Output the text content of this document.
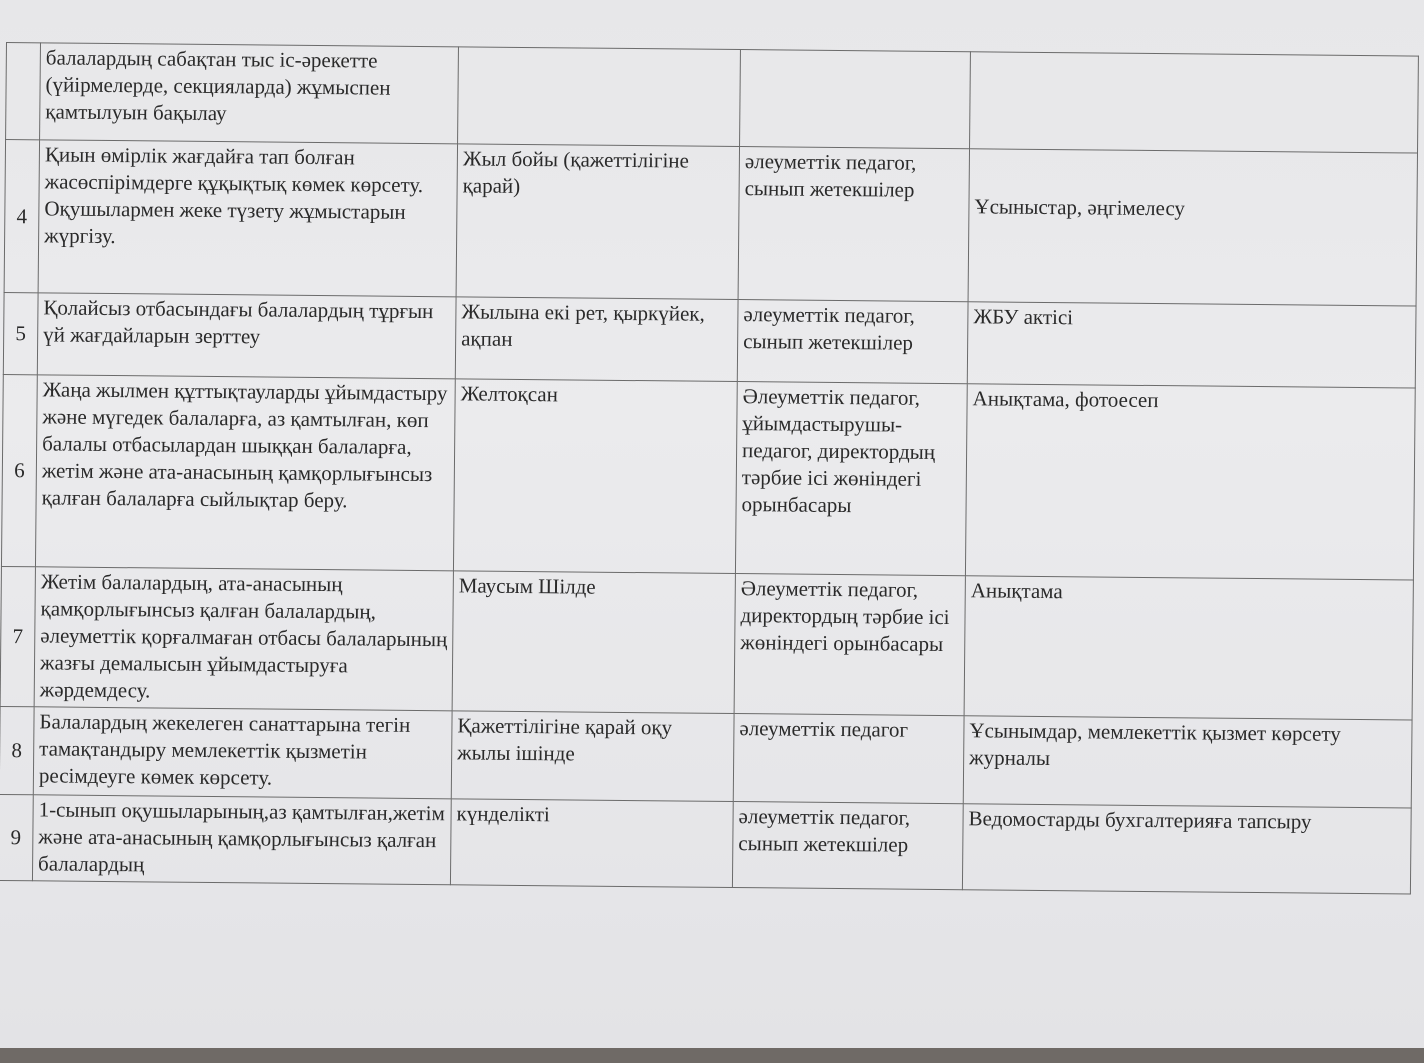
	балалардың сабақтан тыс іс-әрекетте (үйірмелерде, секцияларда) жұмыспен қамтылуын бақылау			
4	Қиын өмірлік жағдайға тап болған жасөспірімдерге құқықтық көмек көрсету. Оқушылармен жеке түзету жұмыстарын жүргізу.	Жыл бойы (қажеттілігіне қарай)	әлеуметтік педагог, сынып жетекшілер	Ұсыныстар, әңгімелесу
5	Қолайсыз отбасындағы балалардың тұрғын үй жағдайларын зерттеу	Жылына екі рет, қыркүйек, ақпан	әлеуметтік педагог, сынып жетекшілер	ЖБУ актісі
6	Жаңа жылмен құттықтауларды ұйымдастыру және мүгедек балаларға, аз қамтылған, көп балалы отбасылардан шыққан балаларға, жетім және ата-анасының қамқорлығынсыз қалған балаларға сыйлықтар беру.	Желтоқсан	Әлеуметтік педагог, ұйымдастырушы-педагог, директордың тәрбие ісі жөніндегі орынбасары	Анықтама, фотоесеп
7	Жетім балалардың, ата-анасының қамқорлығынсыз қалған балалардың, әлеуметтік қорғалмаған отбасы балаларының жазғы демалысын ұйымдастыруға жәрдемдесу.	Маусым Шілде	Әлеуметтік педагог, директордың тәрбие ісі жөніндегі орынбасары	Анықтама
8	Балалардың жекелеген санаттарына тегін тамақтандыру мемлекеттік қызметін ресімдеуге көмек көрсету.	Қажеттілігіне қарай оқу жылы ішінде	әлеуметтік педагог	Ұсынымдар, мемлекеттік қызмет көрсету журналы
9	1-сынып оқушыларының,аз қамтылған,жетім және ата-анасының қамқорлығынсыз қалған балалардың	күнделікті	әлеуметтік педагог, сынып жетекшілер	Ведомостарды бухгалтерияға тапсыру
